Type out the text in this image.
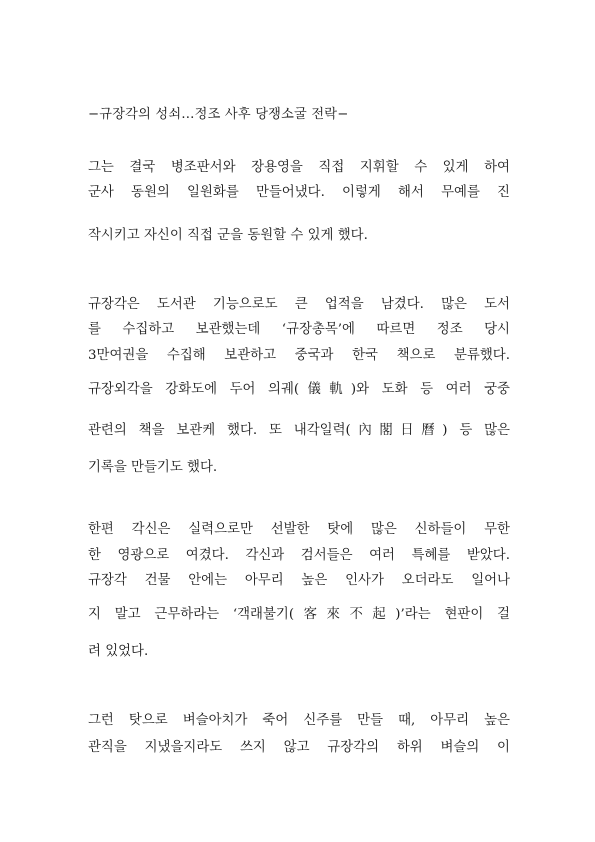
−규장각의 성쇠…정조 사후 당쟁소굴 전락−
그는 결국 병조판서와 장용영을 직접 지휘할 수 있게 하여
군사 동원의 일원화를 만들어냈다. 이렇게 해서 무예를 진
작시키고 자신이 직접 군을 동원할 수 있게 했다.
규장각은 도서관 기능으로도 큰 업적을 남겼다. 많은 도서
를 수집하고 보관했는데 ‘규장총목’에 따르면 정조 당시
3만여권을 수집해 보관하고 중국과 한국 책으로 분류했다.
규장외각을 강화도에 두어 의궤(儀軌)와 도화 등 여러 궁중
관련의 책을 보관케 했다. 또 내각일력(內閣日曆) 등 많은
기록을 만들기도 했다.
한편 각신은 실력으로만 선발한 탓에 많은 신하들이 무한
한 영광으로 여겼다. 각신과 검서들은 여러 특혜를 받았다.
규장각 건물 안에는 아무리 높은 인사가 오더라도 일어나
지 말고 근무하라는 ‘객래불기(客來不起)’라는 현판이 걸
려 있었다.
그런 탓으로 벼슬아치가 죽어 신주를 만들 때, 아무리 높은
관직을 지냈을지라도 쓰지 않고 규장각의 하위 벼슬의 이
